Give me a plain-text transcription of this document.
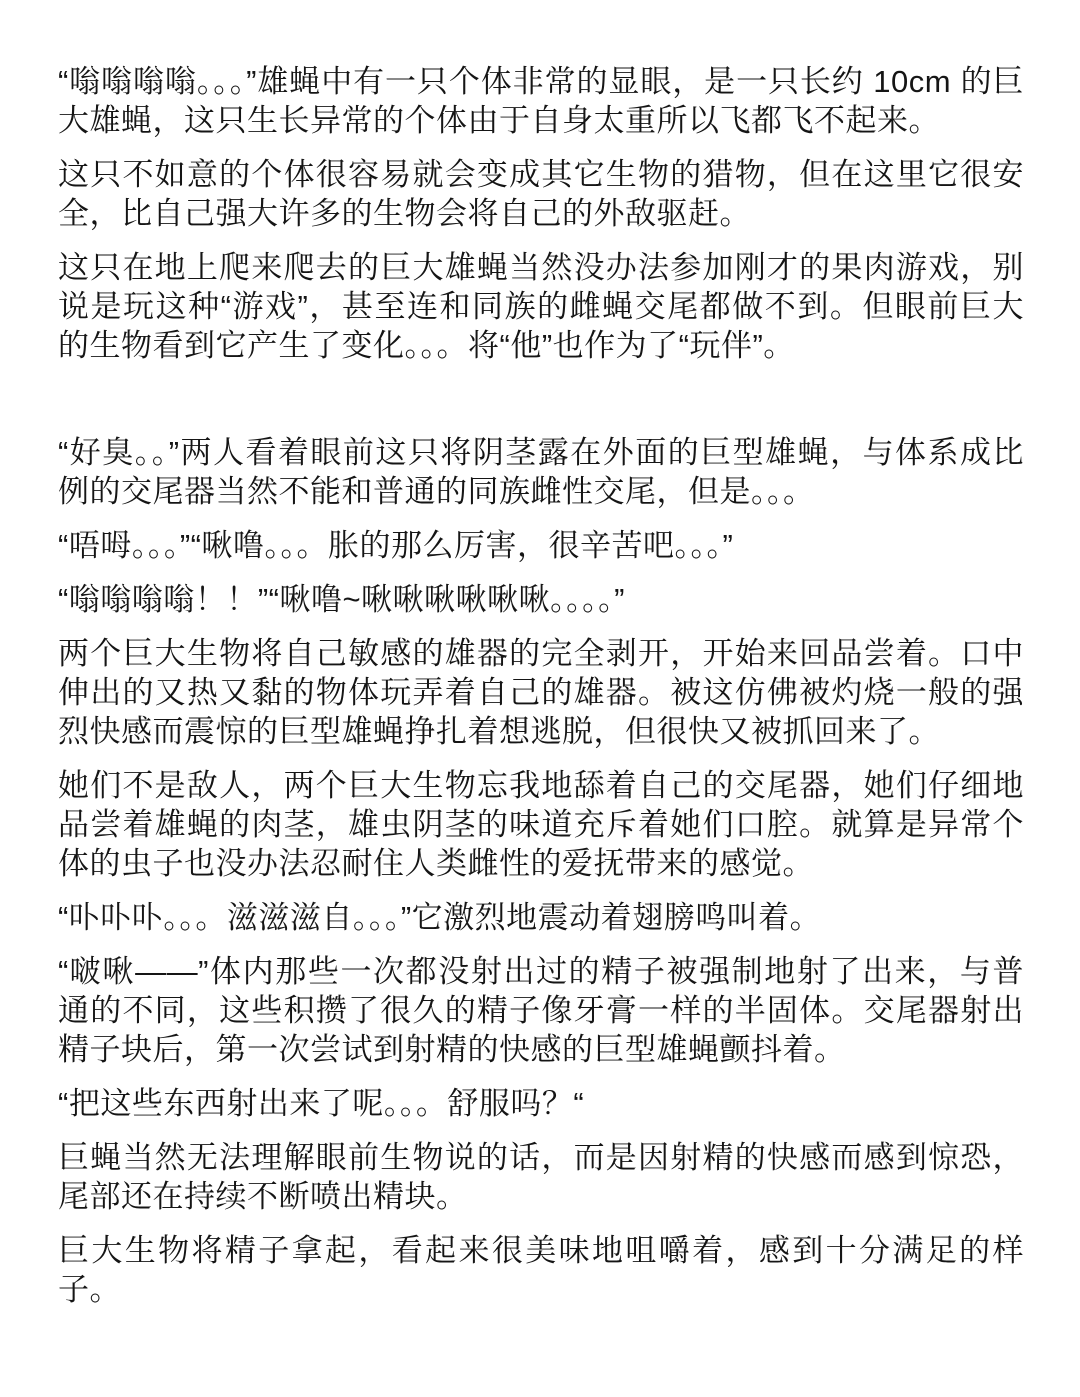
“嗡嗡嗡嗡。。。”雄蝇中有一只个体非常的显眼，是一只长约 10cm 的巨大雄蝇，这只生长异常的个体由于自身太重所以飞都飞不起来。

这只不如意的个体很容易就会变成其它生物的猎物，但在这里它很安全，比自己强大许多的生物会将自己的外敌驱赶。

这只在地上爬来爬去的巨大雄蝇当然没办法参加刚才的果肉游戏，别说是玩这种“游戏”，甚至连和同族的雌蝇交尾都做不到。但眼前巨大的生物看到它产生了变化。。。将“他”也作为了“玩伴”。

“好臭。。”两人看着眼前这只将阴茎露在外面的巨型雄蝇，与体系成比例的交尾器当然不能和普通的同族雌性交尾，但是。。。

“唔呣。。。”“啾噜。。。胀的那么厉害，很辛苦吧。。。”

“嗡嗡嗡嗡！！”“啾噜~啾啾啾啾啾啾。。。。”

两个巨大生物将自己敏感的雄器的完全剥开，开始来回品尝着。口中伸出的又热又黏的物体玩弄着自己的雄器。被这仿佛被灼烧一般的强烈快感而震惊的巨型雄蝇挣扎着想逃脱，但很快又被抓回来了。

她们不是敌人，两个巨大生物忘我地舔着自己的交尾器，她们仔细地品尝着雄蝇的肉茎，雄虫阴茎的味道充斥着她们口腔。就算是异常个体的虫子也没办法忍耐住人类雌性的爱抚带来的感觉。

“卟卟卟。。。滋滋滋自。。。”它激烈地震动着翅膀鸣叫着。

“啵啾——”体内那些一次都没射出过的精子被强制地射了出来，与普通的不同，这些积攒了很久的精子像牙膏一样的半固体。交尾器射出精子块后，第一次尝试到射精的快感的巨型雄蝇颤抖着。

“把这些东西射出来了呢。。。舒服吗？“

巨蝇当然无法理解眼前生物说的话，而是因射精的快感而感到惊恐，尾部还在持续不断喷出精块。

巨大生物将精子拿起，看起来很美味地咀嚼着，感到十分满足的样子。
